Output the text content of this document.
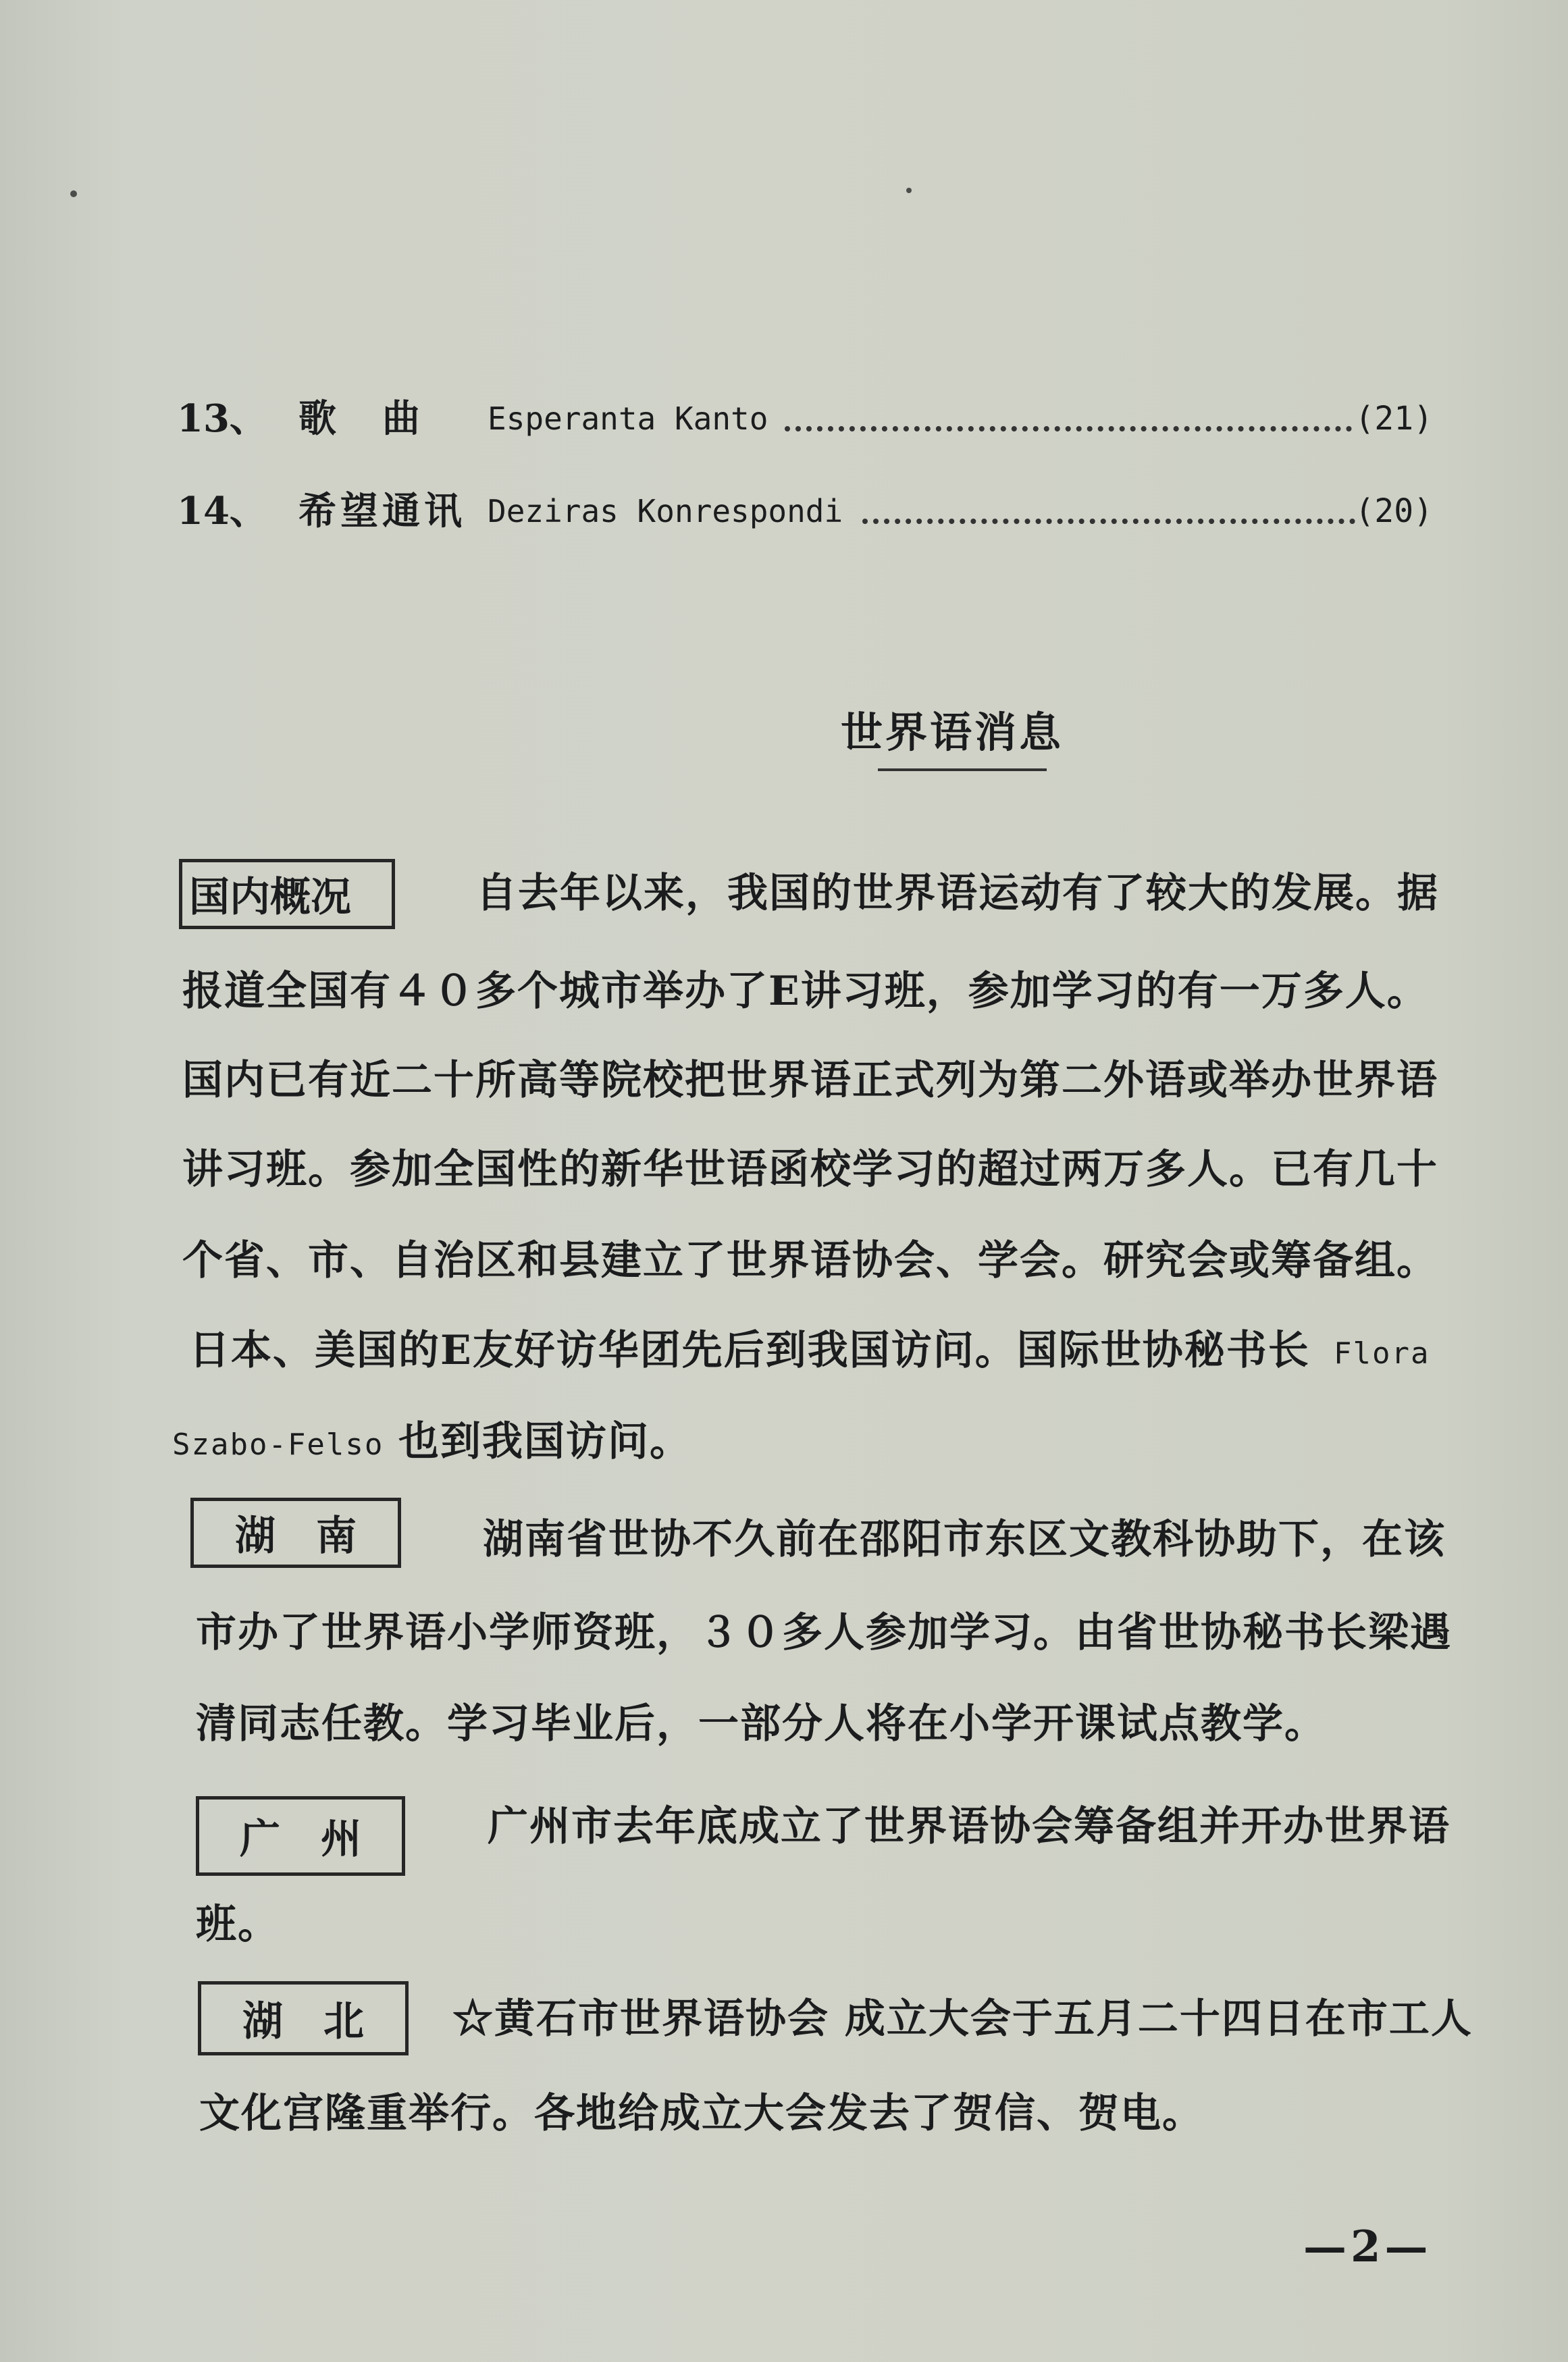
13、 歌　曲 Esperanta Kanto	(21)
14、 希望通讯 Deziras Konrespondi	(20)
世界语消息
国内概况	自去年以来，我国的世界语运动有了较大的发展。据
报道全国有４０多个城市举办了E讲习班，参加学习的有一万多人。
国内已有近二十所高等院校把世界语正式列为第二外语或举办世界语
讲习班。参加全国性的新华世语函校学习的超过两万多人。已有几十
个省、市、自治区和县建立了世界语协会、学会。研究会或筹备组。
日本、美国的E友好访华团先后到我国访问。国际世协秘书长 Flora
Szabo-Felso 也到我国访问。
湖　南	湖南省世协不久前在邵阳市东区文教科协助下，在该
市办了世界语小学师资班，３０多人参加学习。由省世协秘书长梁遇
清同志任教。学习毕业后，一部分人将在小学开课试点教学。
广　州	广州市去年底成立了世界语协会筹备组并开办世界语
班。
湖　北	☆黄石市世界语协会 成立大会于五月二十四日在市工人
文化宫隆重举行。各地给成立大会发去了贺信、贺电。
—2—
